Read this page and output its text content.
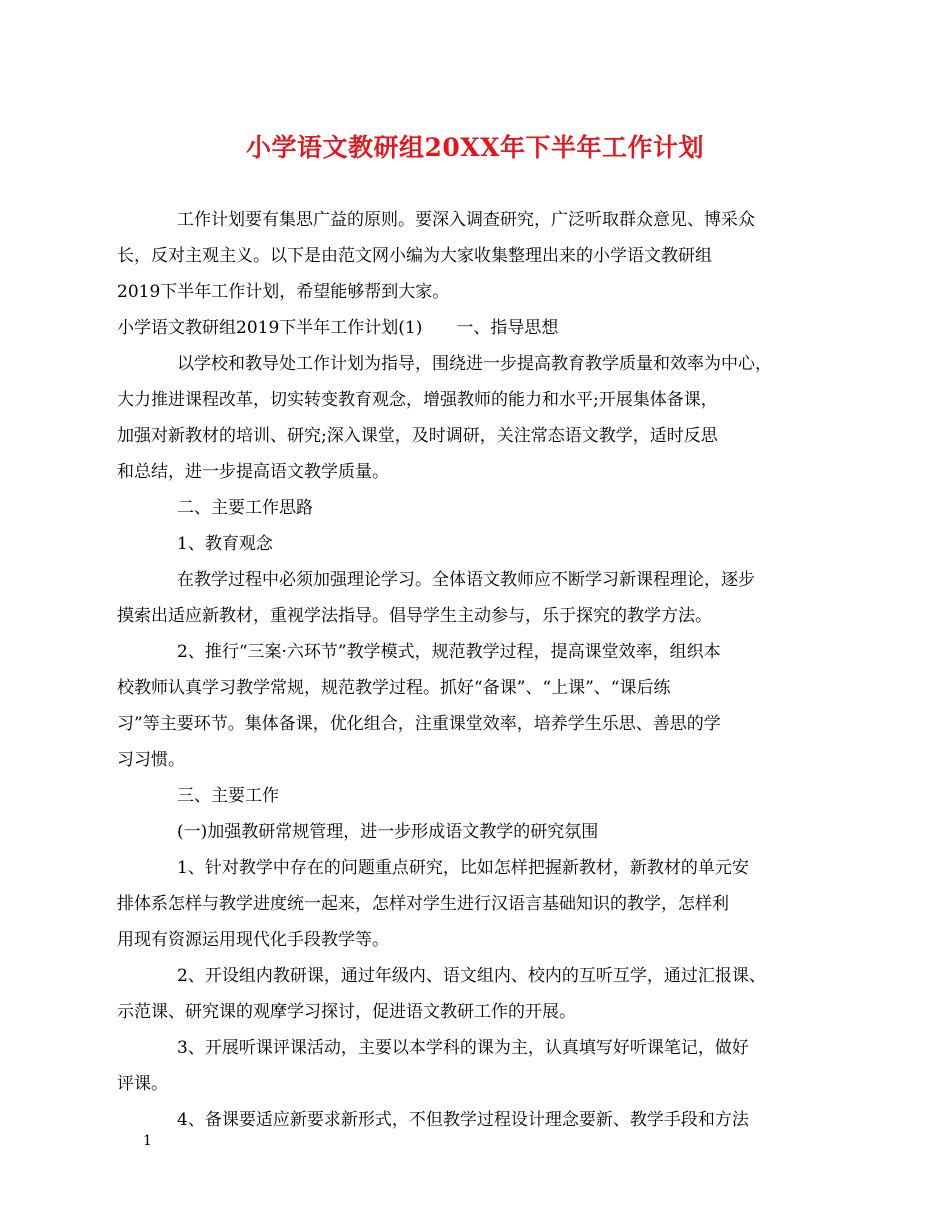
小学语文教研组20XX年下半年工作计划
工作计划要有集思广益的原则。要深入调查研究，广泛听取群众意见、博采众
长，反对主观主义。以下是由范文网小编为大家收集整理出来的小学语文教研组
2019下半年工作计划，希望能够帮到大家。
小学语文教研组2019下半年工作计划(1)　　一、指导思想
以学校和教导处工作计划为指导，围绕进一步提高教育教学质量和效率为中心，
大力推进课程改革，切实转变教育观念，增强教师的能力和水平;开展集体备课，
加强对新教材的培训、研究;深入课堂，及时调研，关注常态语文教学，适时反思
和总结，进一步提高语文教学质量。
二、主要工作思路
1、教育观念
在教学过程中必须加强理论学习。全体语文教师应不断学习新课程理论，逐步
摸索出适应新教材，重视学法指导。倡导学生主动参与，乐于探究的教学方法。
2、推行“三案·六环节”教学模式，规范教学过程，提高课堂效率，组织本
校教师认真学习教学常规，规范教学过程。抓好“备课”、“上课”、“课后练
习”等主要环节。集体备课，优化组合，注重课堂效率，培养学生乐思、善思的学
习习惯。
三、主要工作
(一)加强教研常规管理，进一步形成语文教学的研究氛围
1、针对教学中存在的问题重点研究，比如怎样把握新教材，新教材的单元安
排体系怎样与教学进度统一起来，怎样对学生进行汉语言基础知识的教学，怎样利
用现有资源运用现代化手段教学等。
2、开设组内教研课，通过年级内、语文组内、校内的互听互学，通过汇报课、
示范课、研究课的观摩学习探讨，促进语文教研工作的开展。
3、开展听课评课活动，主要以本学科的课为主，认真填写好听课笔记，做好
评课。
4、备课要适应新要求新形式，不但教学过程设计理念要新、教学手段和方法
1
